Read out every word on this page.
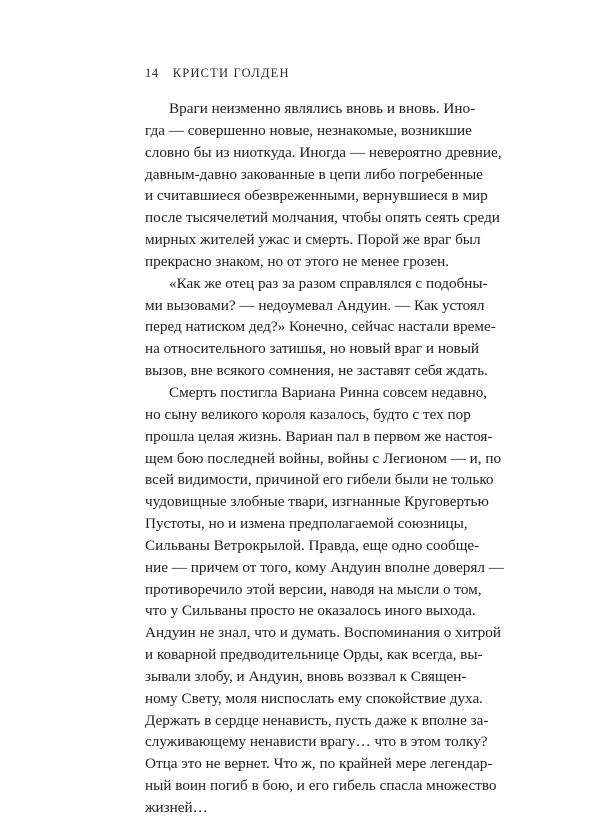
14 КРИСТИ ГОЛДЕН
Враги неизменно являлись вновь и вновь. Ино-
гда — совершенно новые, незнакомые, возникшие
словно бы из ниоткуда. Иногда — невероятно древние,
давным-давно закованные в цепи либо погребенные
и считавшиеся обезвреженными, вернувшиеся в мир
после тысячелетий молчания, чтобы опять сеять среди
мирных жителей ужас и смерть. Порой же враг был
прекрасно знаком, но от этого не менее грозен.
«Как же отец раз за разом справлялся с подобны-
ми вызовами? — недоумевал Андуин. — Как устоял
перед натиском дед?» Конечно, сейчас настали време-
на относительного затишья, но новый враг и новый
вызов, вне всякого сомнения, не заставят себя ждать.
Смерть постигла Вариана Ринна совсем недавно,
но сыну великого короля казалось, будто с тех пор
прошла целая жизнь. Вариан пал в первом же настоя-
щем бою последней войны, войны с Легионом — и, по
всей видимости, причиной его гибели были не только
чудовищные злобные твари, изгнанные Круговертью
Пустоты, но и измена предполагаемой союзницы,
Сильваны Ветрокрылой. Правда, еще одно сообще-
ние — причем от того, кому Андуин вполне доверял —
противоречило этой версии, наводя на мысли о том,
что у Сильваны просто не оказалось иного выхода.
Андуин не знал, что и думать. Воспоминания о хитрой
и коварной предводительнице Орды, как всегда, вы-
зывали злобу, и Андуин, вновь воззвал к Священ-
ному Свету, моля ниспослать ему спокойствие духа.
Держать в сердце ненависть, пусть даже к вполне за-
служивающему ненависти врагу… что в этом толку?
Отца это не вернет. Что ж, по крайней мере легендар-
ный воин погиб в бою, и его гибель спасла множество
жизней…
